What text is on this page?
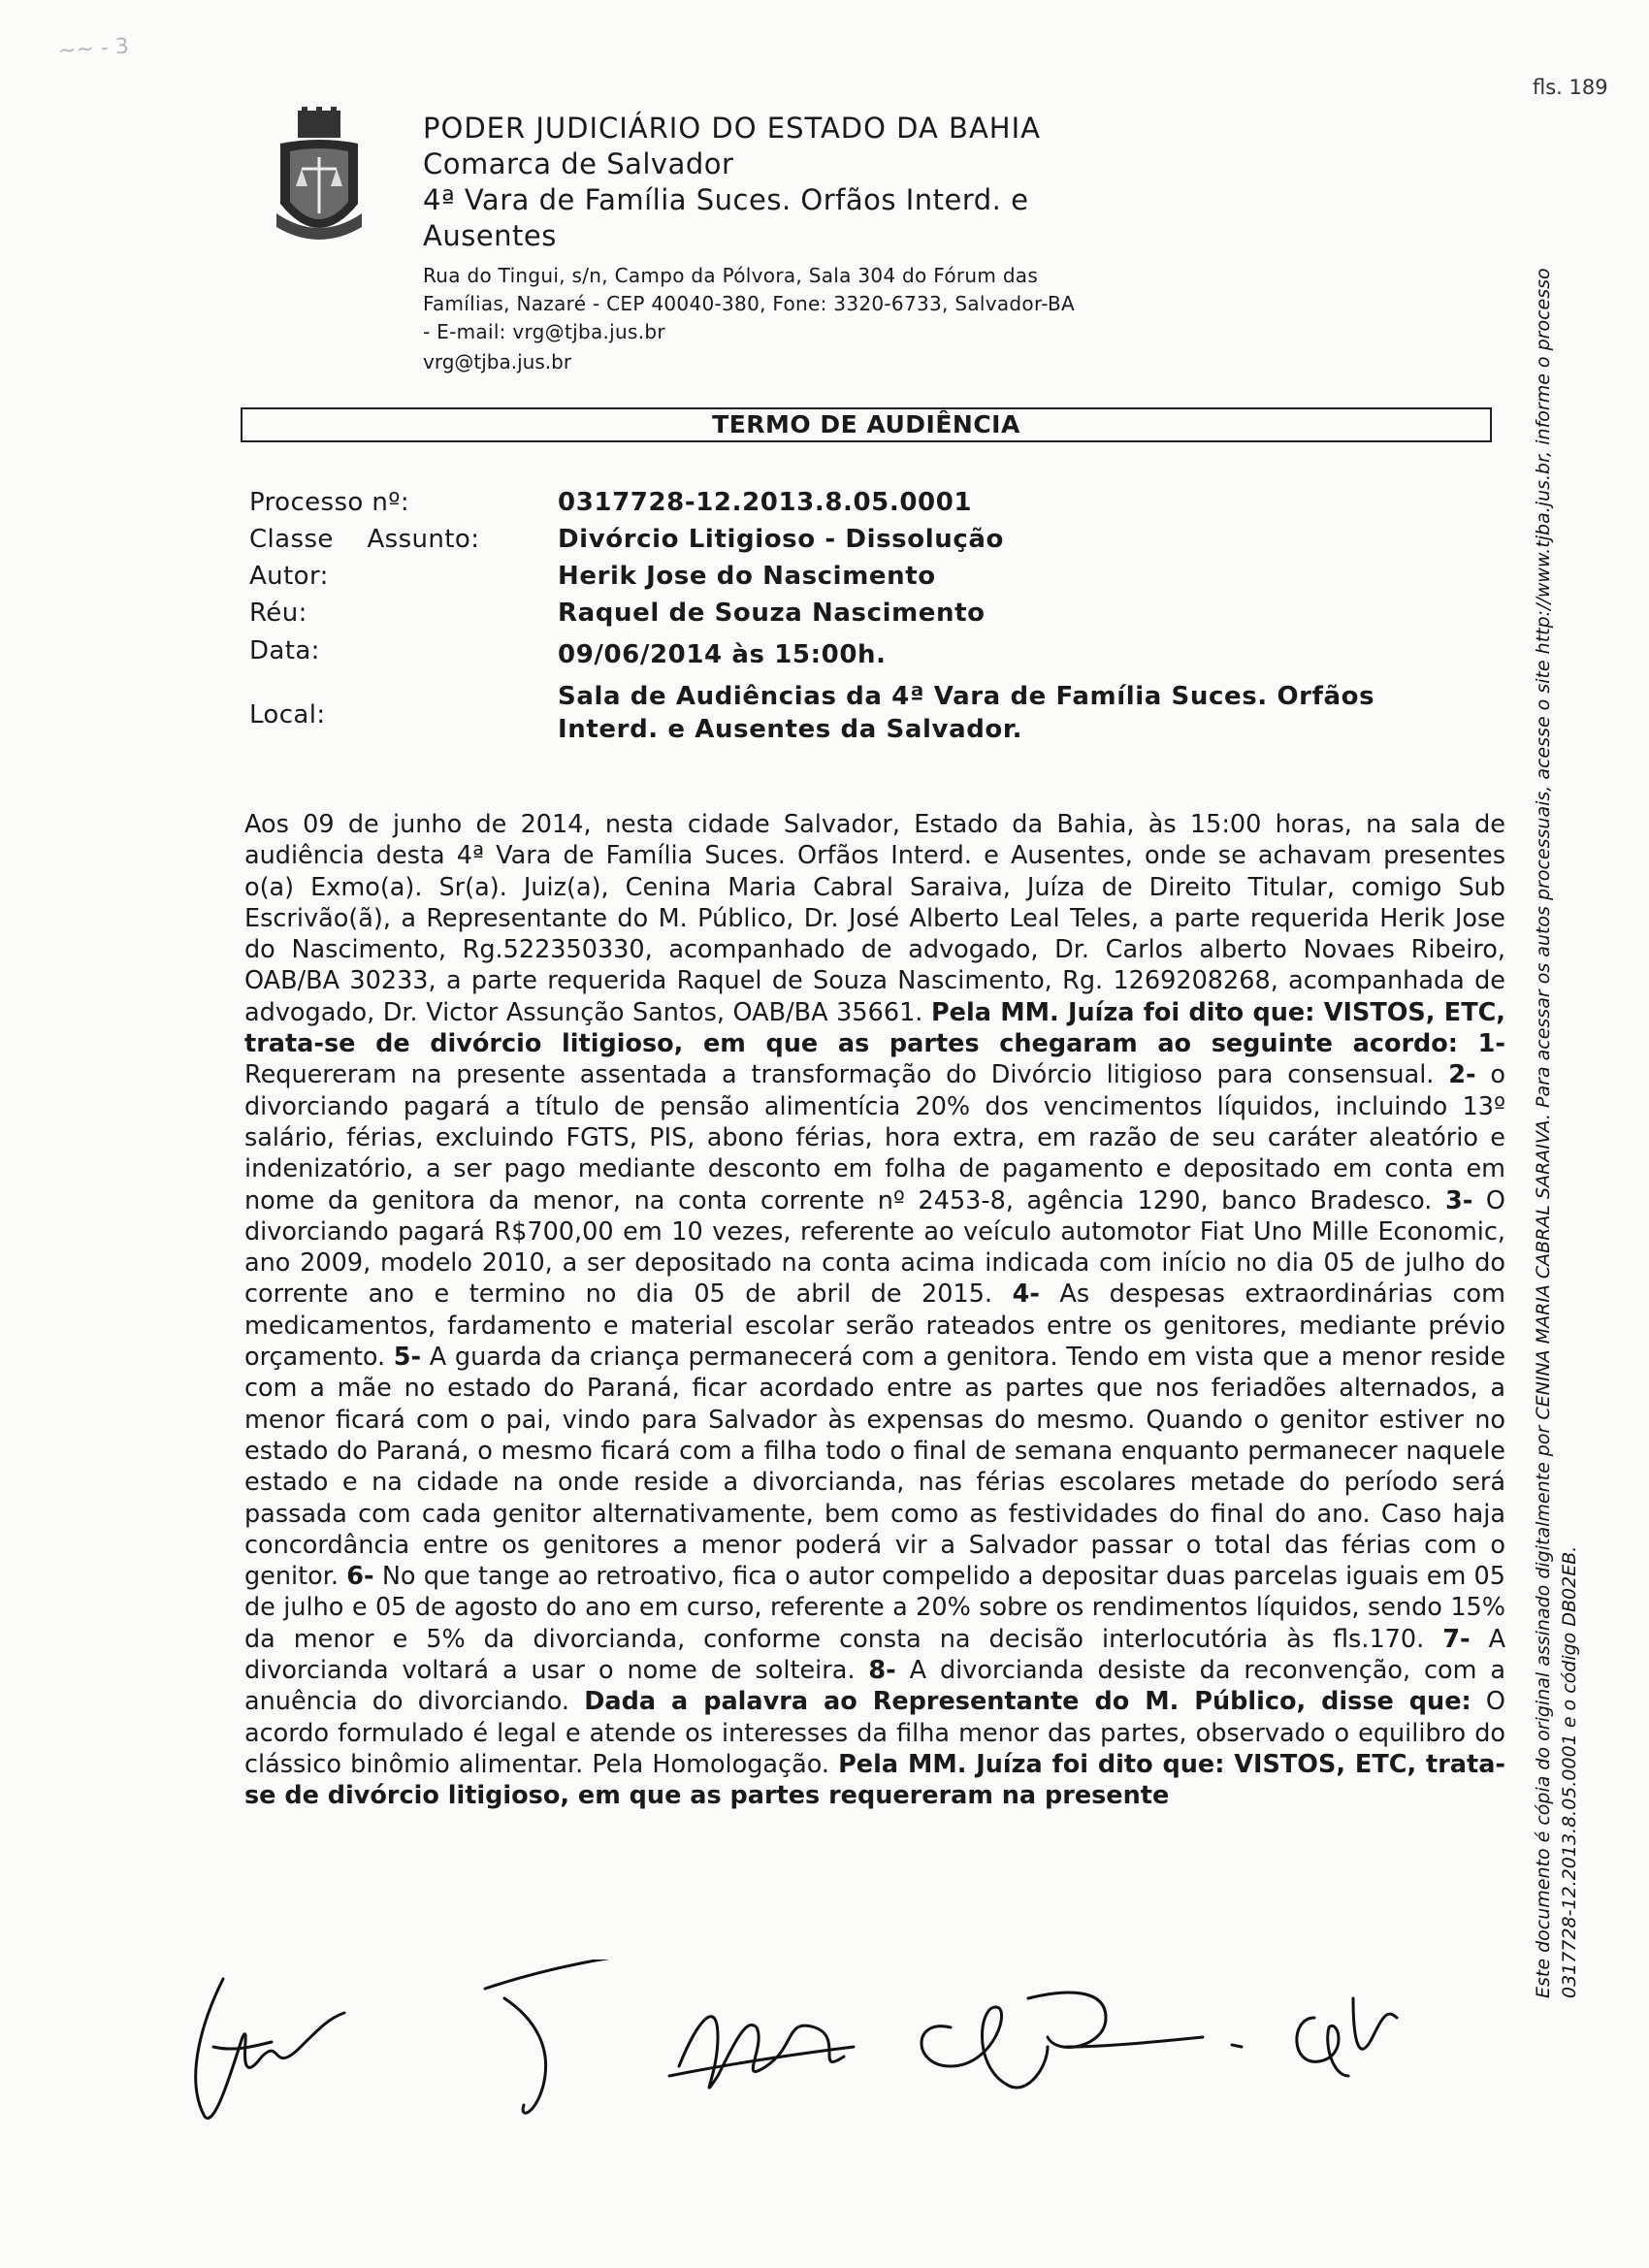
~~ - 3
fls. 189
PODER JUDICIÁRIO DO ESTADO DA BAHIA
Comarca de Salvador
4ª Vara de Família Suces. Orfãos Interd. e
Ausentes
Rua do Tingui, s/n, Campo da Pólvora, Sala 304 do Fórum das
Famílias, Nazaré - CEP 40040-380, Fone: 3320-6733, Salvador-BA
- E-mail: vrg@tjba.jus.br
vrg@tjba.jus.br
TERMO DE AUDIÊNCIA
Processo nº:	0317728-12.2013.8.05.0001
Classe    Assunto:	Divórcio Litigioso - Dissolução
Autor:	Herik Jose do Nascimento
Réu:	Raquel de Souza Nascimento
Data:	09/06/2014 às 15:00h.
Local:
Sala de Audiências da 4ª Vara de Família Suces. Orfãos
Interd. e Ausentes da Salvador.
Aos 09 de junho de 2014, nesta cidade Salvador, Estado da Bahia, às 15:00 horas, na sala de audiência desta 4ª Vara de Família Suces. Orfãos Interd. e Ausentes, onde se achavam presentes o(a) Exmo(a). Sr(a). Juiz(a), Cenina Maria Cabral Saraiva, Juíza de Direito Titular, comigo Sub Escrivão(ã), a Representante do M. Público, Dr. José Alberto Leal Teles, a parte requerida Herik Jose do Nascimento, Rg.522350330, acompanhado de advogado, Dr. Carlos alberto Novaes Ribeiro, OAB/BA 30233, a parte requerida Raquel de Souza Nascimento, Rg. 1269208268, acompanhada de advogado, Dr. Victor Assunção Santos, OAB/BA 35661. Pela MM. Juíza foi dito que: VISTOS, ETC, trata-se de divórcio litigioso, em que as partes chegaram ao seguinte acordo: 1- Requereram na presente assentada a transformação do Divórcio litigioso para consensual. 2- o divorciando pagará a título de pensão alimentícia 20% dos vencimentos líquidos, incluindo 13º salário, férias, excluindo FGTS, PIS, abono férias, hora extra, em razão de seu caráter aleatório e indenizatório, a ser pago mediante desconto em folha de pagamento e depositado em conta em nome da genitora da menor, na conta corrente nº 2453-8, agência 1290, banco Bradesco. 3- O divorciando pagará R$700,00 em 10 vezes, referente ao veículo automotor Fiat Uno Mille Economic, ano 2009, modelo 2010, a ser depositado na conta acima indicada com início no dia 05 de julho do corrente ano e termino no dia 05 de abril de 2015. 4- As despesas extraordinárias com medicamentos, fardamento e material escolar serão rateados entre os genitores, mediante prévio orçamento. 5- A guarda da criança permanecerá com a genitora. Tendo em vista que a menor reside com a mãe no estado do Paraná, ficar acordado entre as partes que nos feriadões alternados, a menor ficará com o pai, vindo para Salvador às expensas do mesmo. Quando o genitor estiver no estado do Paraná, o mesmo ficará com a filha todo o final de semana enquanto permanecer naquele estado e na cidade na onde reside a divorcianda, nas férias escolares metade do período será passada com cada genitor alternativamente, bem como as festividades do final do ano. Caso haja concordância entre os genitores a menor poderá vir a Salvador passar o total das férias com o genitor. 6- No que tange ao retroativo, fica o autor compelido a depositar duas parcelas iguais em 05 de julho e 05 de agosto do ano em curso, referente a 20% sobre os rendimentos líquidos, sendo 15% da menor e 5% da divorcianda, conforme consta na decisão interlocutória às fls.170. 7- A divorcianda voltará a usar o nome de solteira. 8- A divorcianda desiste da reconvenção, com a anuência do divorciando. Dada a palavra ao Representante do M. Público, disse que: O acordo formulado é legal e atende os interesses da filha menor das partes, observado o equilibro do clássico binômio alimentar. Pela Homologação. Pela MM. Juíza foi dito que: VISTOS, ETC, trata-se de divórcio litigioso, em que as partes requereram na presente	Este documento é cópia do original assinado digitalmente por CENINA MARIA CABRAL SARAIVA. Para acessar os autos processuais, acesse o site http://www.tjba.jus.br, informe o processo 0317728-12.2013.8.05.0001 e o código DB02EB.
